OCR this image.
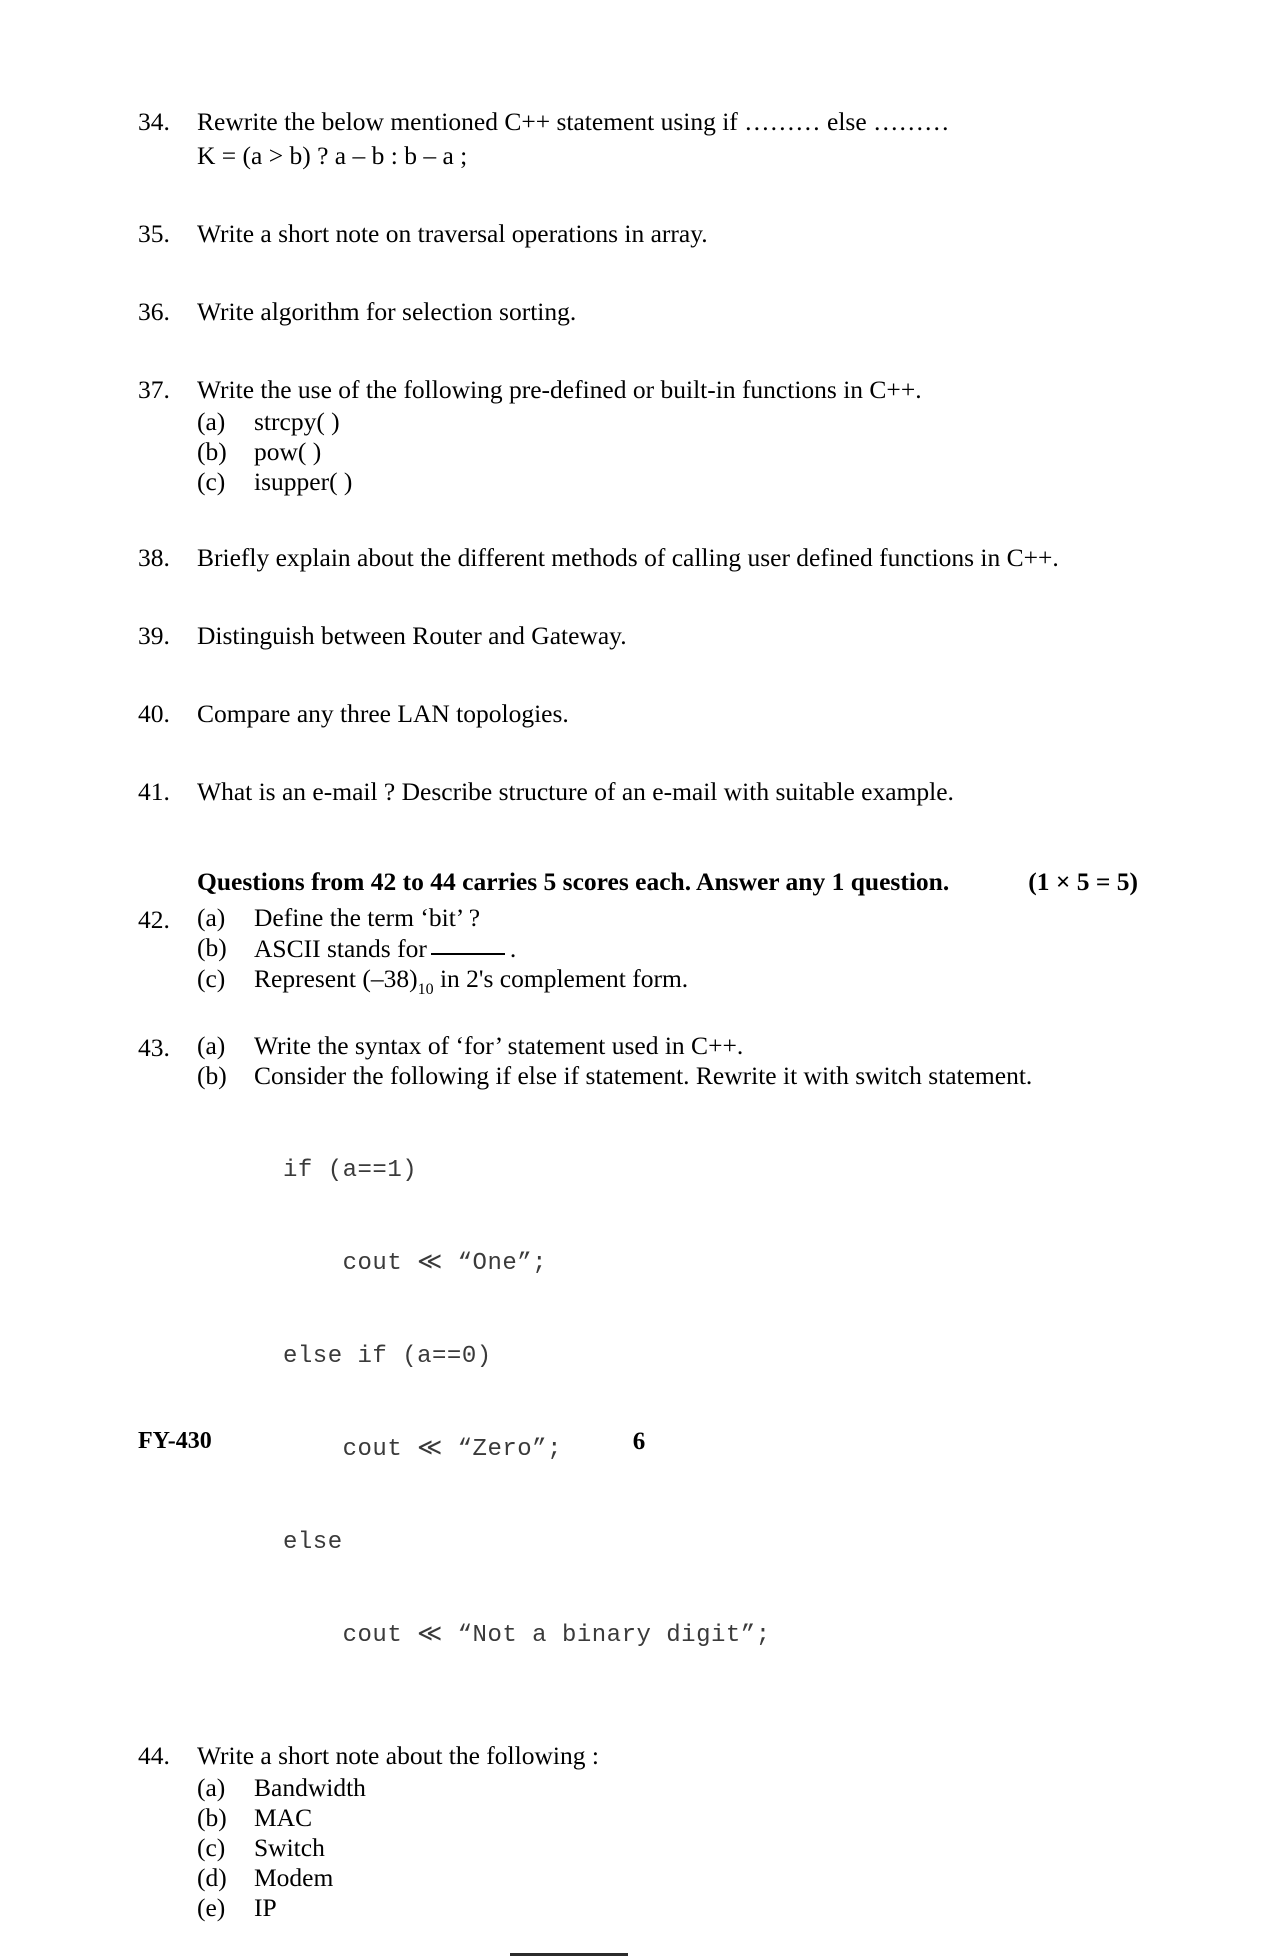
34.	Rewrite the below mentioned C++ statement using if ……… else ………
K = (a > b) ? a – b : b – a ;
35.	Write a short note on traversal operations in array.
36.	Write algorithm for selection sorting.
37.	Write the use of the following pre-defined or built-in functions in C++.
(a)	strcpy( )
(b)	pow( )
(c)	isupper( )
38.	Briefly explain about the different methods of calling user defined functions in C++.
39.	Distinguish between Router and Gateway.
40.	Compare any three LAN topologies.
41.	What is an e-mail ? Describe structure of an e-mail with suitable example.
Questions from 42 to 44 carries 5 scores each. Answer any 1 question.	(1 × 5 = 5)
42.	(a)	Define the term ‘bit’ ?
(b)	ASCII stands for	.
(c)	Represent $(-38)_{10}$ in 2's complement form.
43.	(a)	Write the syntax of ‘for’ statement used in C++.
(b)	Consider the following if else if statement. Rewrite it with switch statement.

if (a==1)

cout ≪ “One”;

else if (a==0)

cout ≪ “Zero”;

else

cout ≪ “Not a binary digit”;

44.	Write a short note about the following :
(a)	Bandwidth
(b)	MAC
(c)	Switch
(d)	Modem
(e)	IP
FY-430	6
